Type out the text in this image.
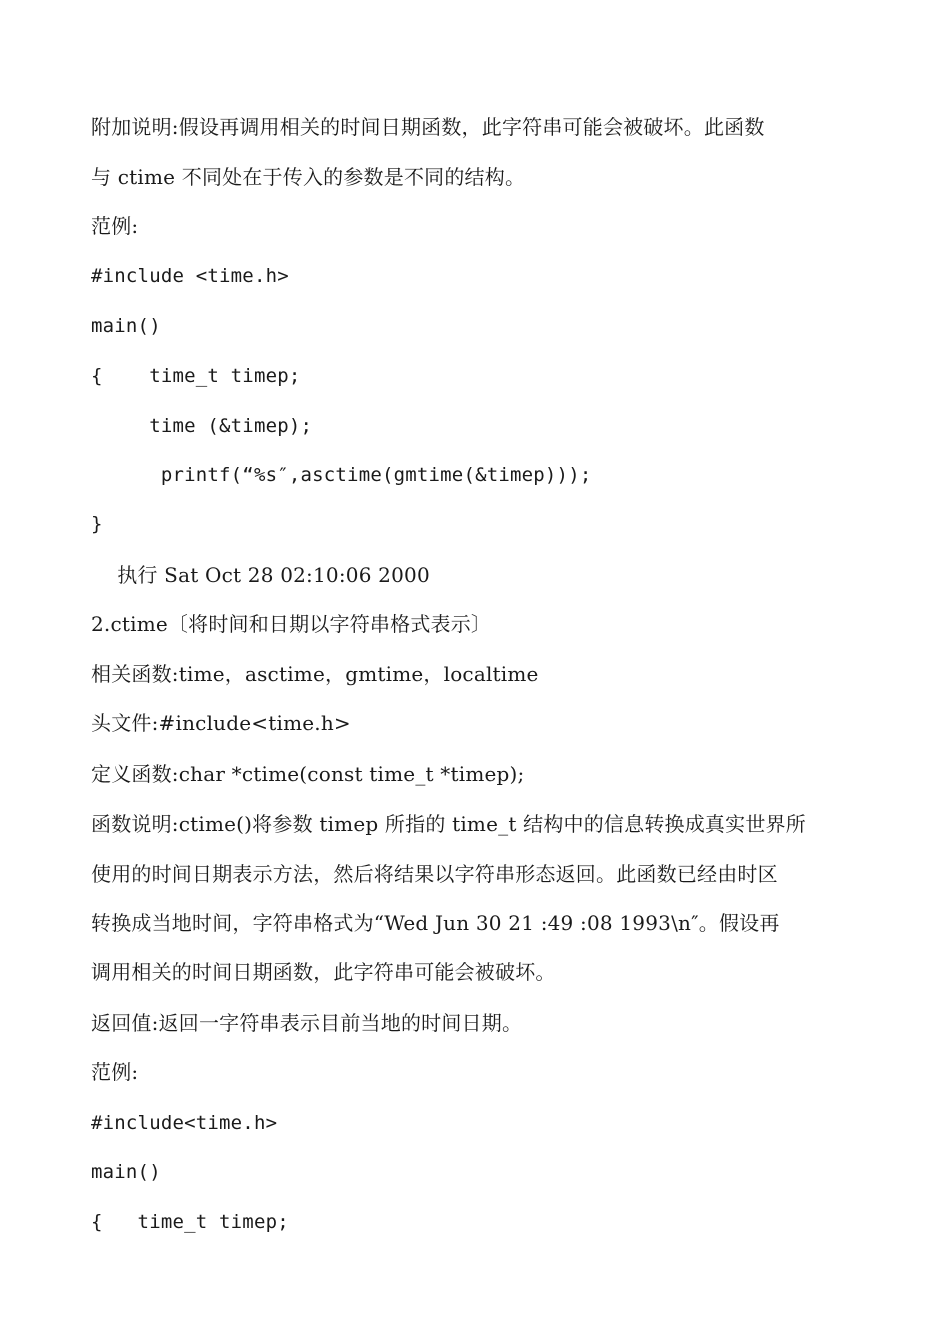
附加说明:假设再调用相关的时间日期函数，此字符串可能会被破坏。此函数
与 ctime 不同处在于传入的参数是不同的结构。
范例:
#include <time.h>
main()
{    time_t timep;
time (&timep);
printf(“%s″,asctime(gmtime(&timep)));
}
执行 Sat Oct 28 02:10:06 2000
2.ctime〔将时间和日期以字符串格式表示〕
相关函数:time，asctime，gmtime，localtime
头文件:#include<time.h>
定义函数:char *ctime(const time_t *timep);
函数说明:ctime()将参数 timep 所指的 time_t 结构中的信息转换成真实世界所
使用的时间日期表示方法，然后将结果以字符串形态返回。此函数已经由时区
转换成当地时间，字符串格式为“Wed Jun 30 21 :49 :08 1993\n″。假设再
调用相关的时间日期函数，此字符串可能会被破坏。
返回值:返回一字符串表示目前当地的时间日期。
范例:
#include<time.h>
main()
{   time_t timep;
